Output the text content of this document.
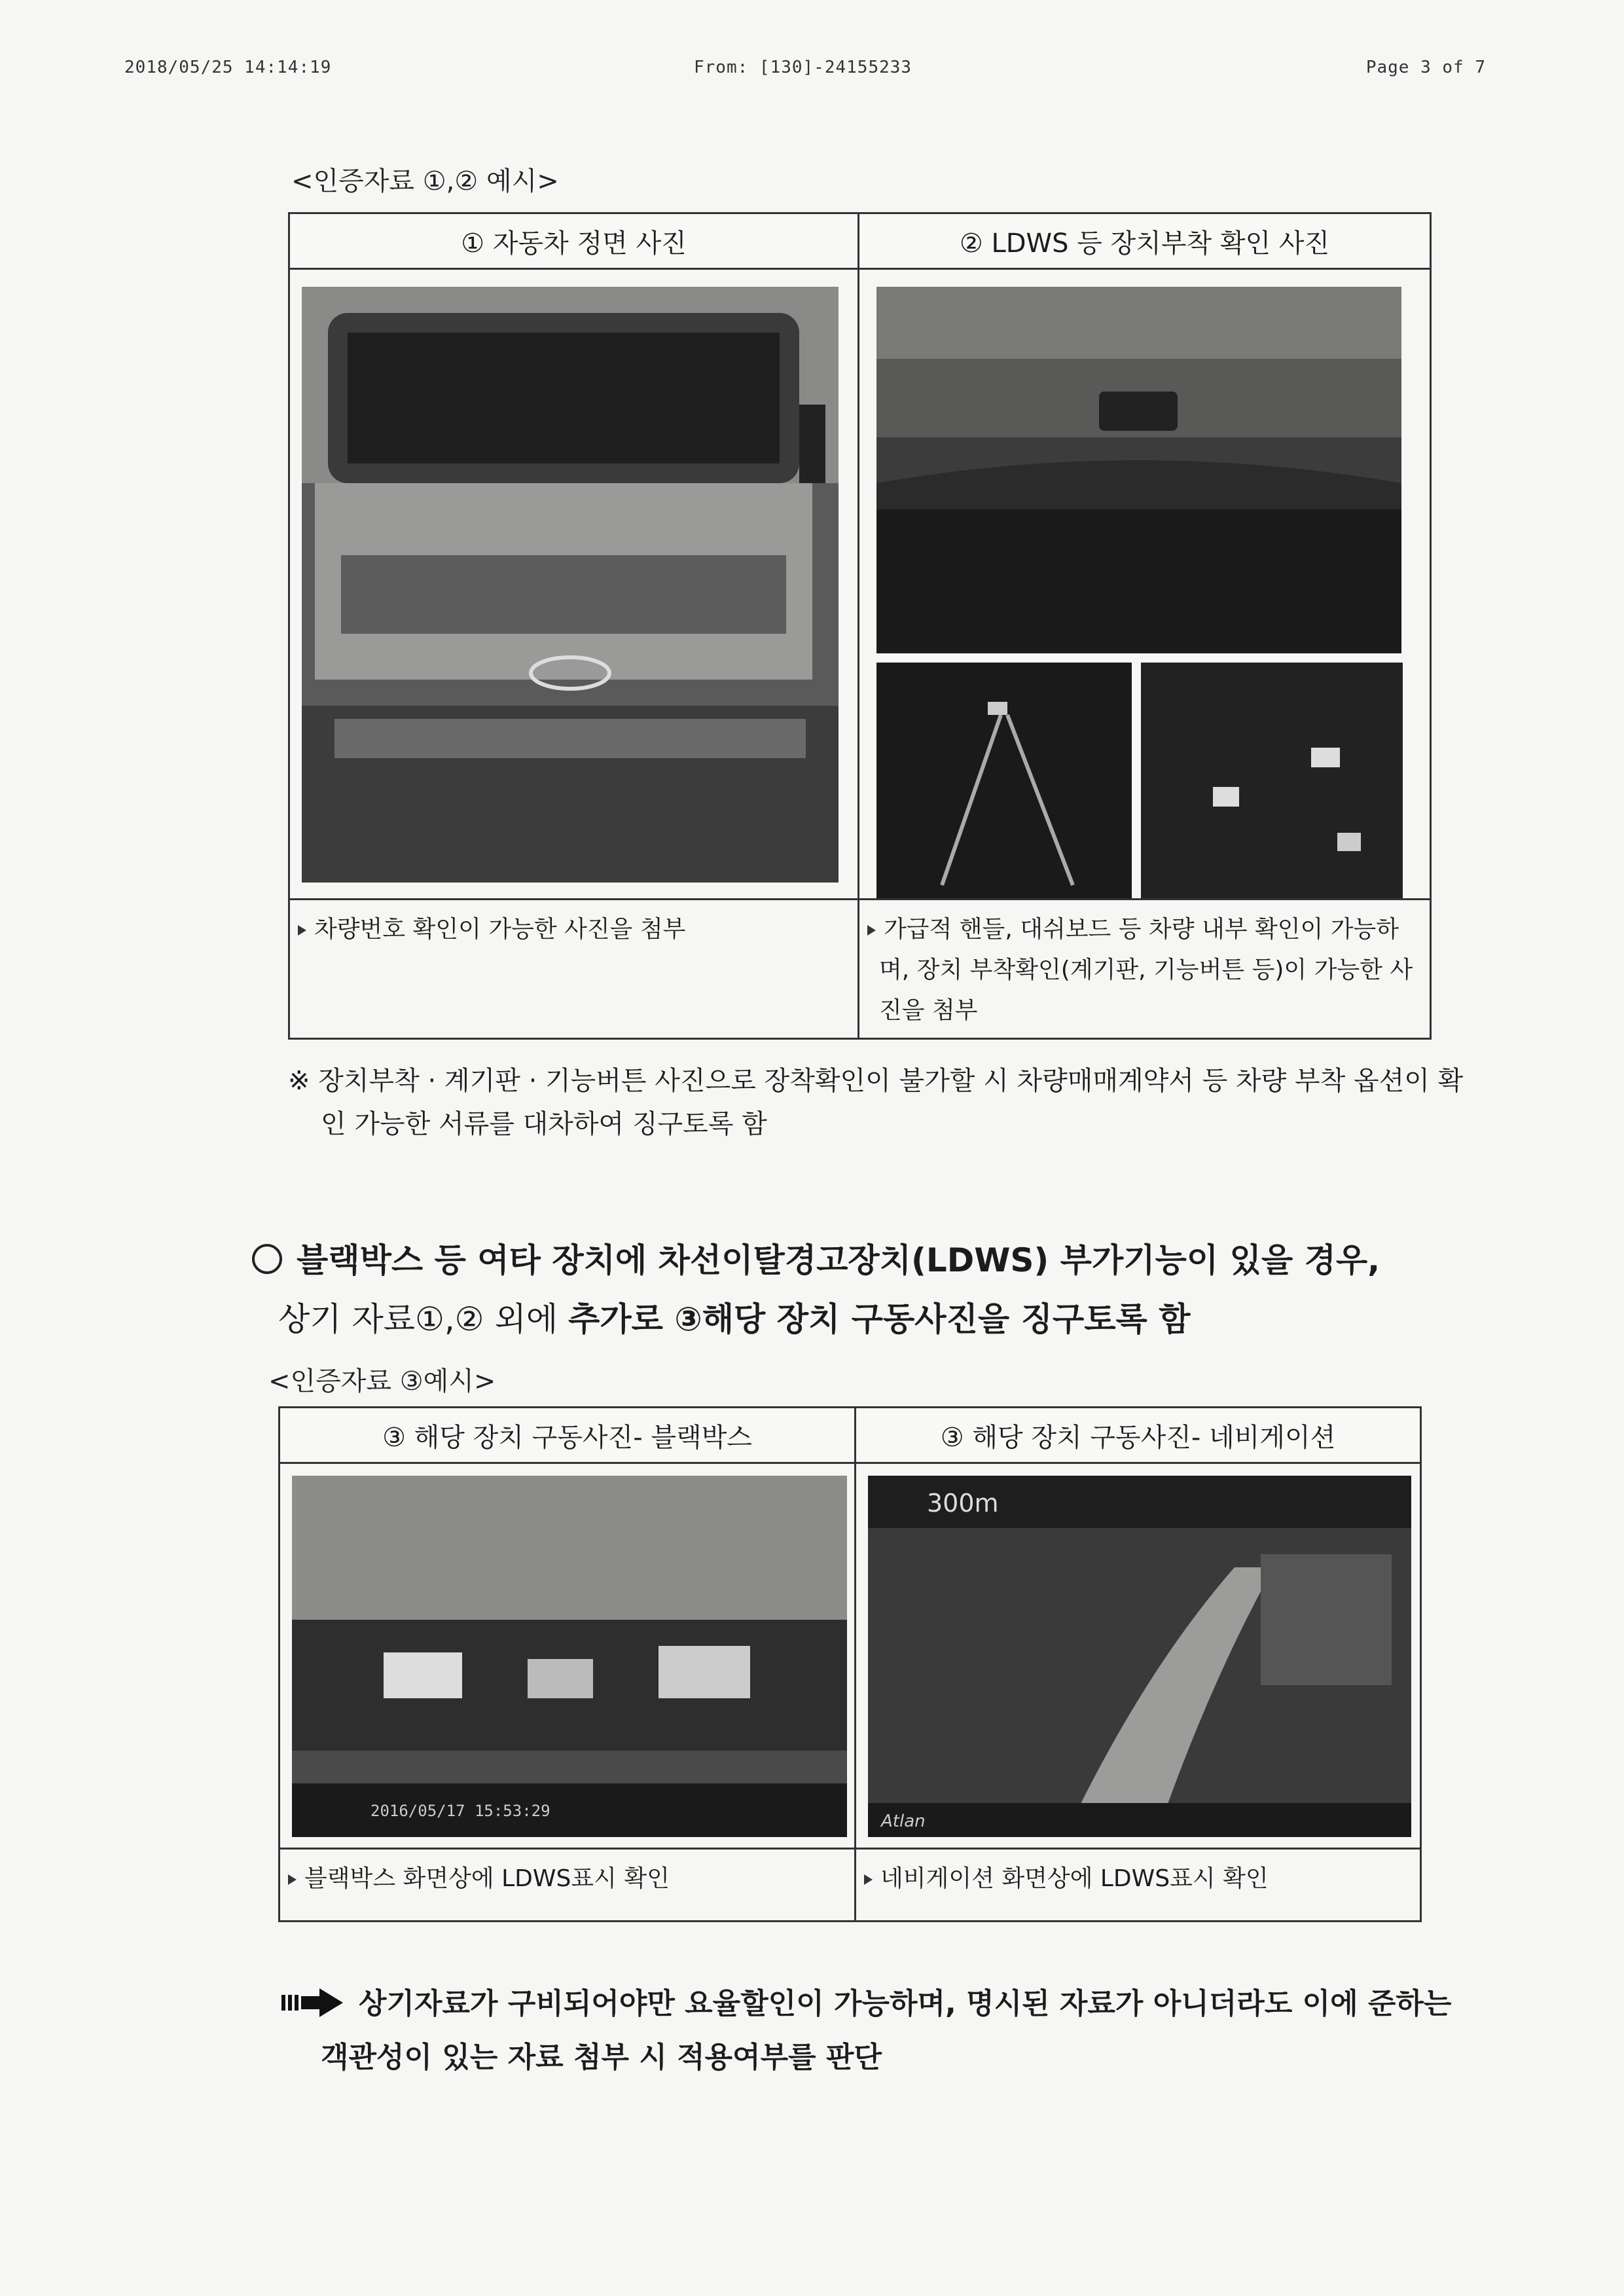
2018/05/25 14:14:19	From: [130]-24155233	Page 3 of 7
<인증자료 ①,② 예시>
① 자동차 정면 사진	② LDWS 등 장치부착 확인 사진

차량번호 확인이 가능한 사진을 첨부	가급적 핸들, 대쉬보드 등 차량 내부 확인이 가능하며, 장치 부착확인(계기판, 기능버튼 등)이 가능한 사진을 첨부
※ 장치부착 · 계기판 · 기능버튼 사진으로 장착확인이 불가할 시 차량매매계약서 등 차량 부착 옵션이 확인 가능한 서류를 대차하여 징구토록 함
블랙박스 등 여타 장치에 차선이탈경고장치(LDWS) 부가기능이 있을 경우,
상기 자료①,② 외에 추가로 ③해당 장치 구동사진을 징구토록 함
<인증자료 ③예시>
③ 해당 장치 구동사진- 블랙박스	③ 해당 장치 구동사진- 네비게이션

2016/05/17 15:53:29	300m
Atlan

블랙박스 화면상에 LDWS표시 확인	네비게이션 화면상에 LDWS표시 확인
상기자료가 구비되어야만 요율할인이 가능하며, 명시된 자료가 아니더라도 이에 준하는
객관성이 있는 자료 첨부 시 적용여부를 판단
